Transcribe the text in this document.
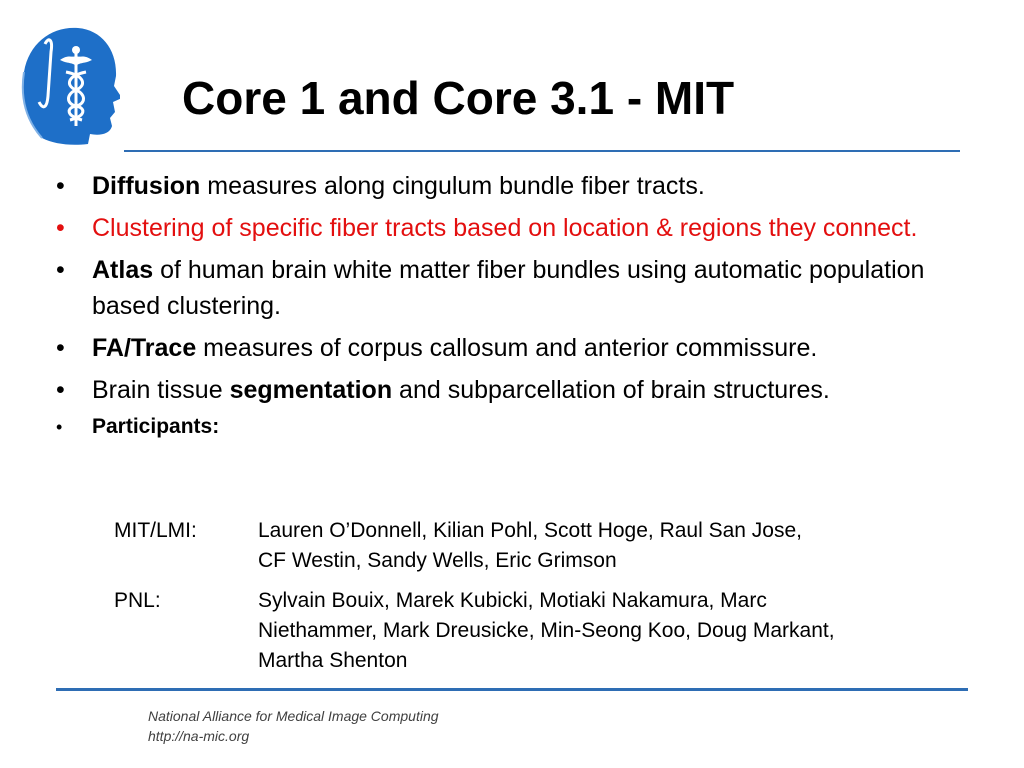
Core 1 and Core 3.1 - MIT
• Diffusion measures along cingulum bundle fiber tracts.
• Clustering of specific fiber tracts based on location & regions they connect.
• Atlas of human brain white matter fiber bundles using automatic population based clustering.
• FA/Trace measures of corpus callosum and anterior commissure.
• Brain tissue segmentation and subparcellation of brain structures.
• Participants:
MIT/LMI:	Lauren O’Donnell, Kilian Pohl, Scott Hoge, Raul San Jose,
CF Westin, Sandy Wells, Eric Grimson
PNL:	Sylvain Bouix, Marek Kubicki, Motiaki Nakamura, Marc
Niethammer, Mark Dreusicke, Min-Seong Koo, Doug Markant,
Martha Shenton
National Alliance for Medical Image Computing
http://na-mic.org
